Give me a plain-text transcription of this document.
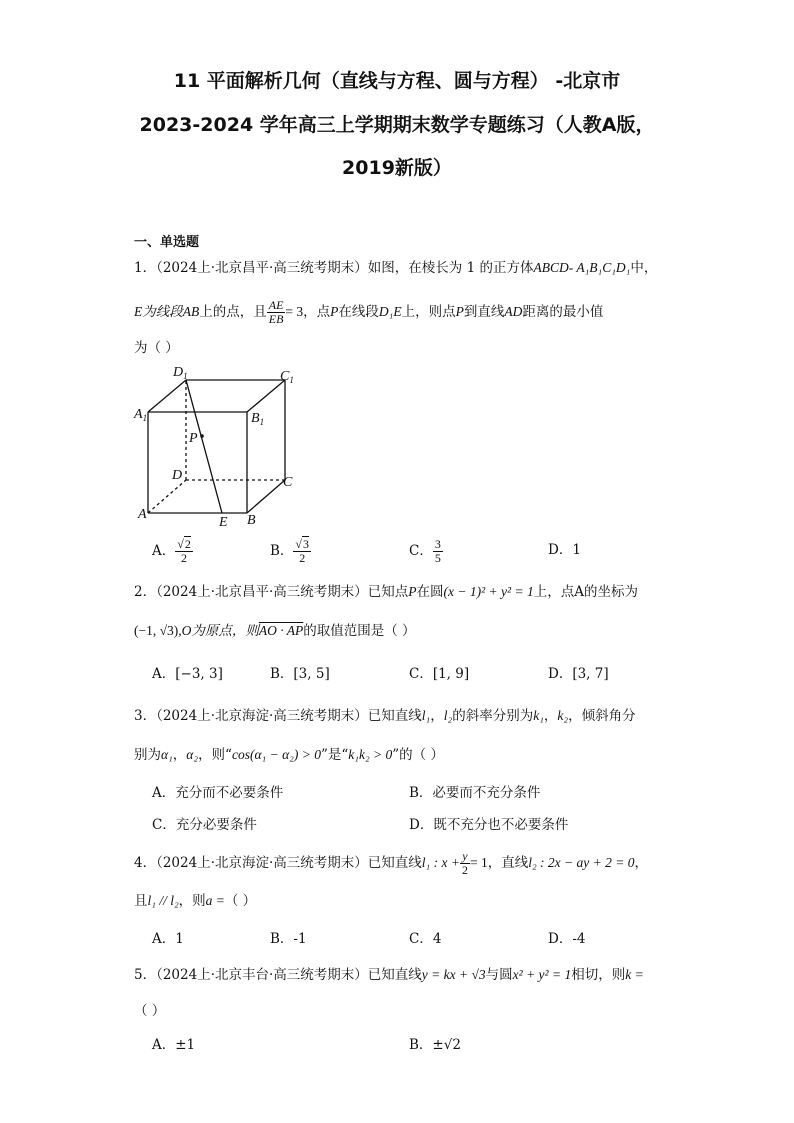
11 平面解析几何（直线与方程、圆与方程） -北京市
2023-2024 学年高三上学期期末数学专题练习（人教A版，
2019新版）
一、单选题
1．（2024上·北京昌平·高三统考期末）如图，在棱长为 1 的正方体ABCD- A₁B₁C₁D₁中，
E为线段AB上的点，且 $\frac{AE}{EB} = 3$，点P在线段D₁E上，则点P到直线AD距离的最小值
为（ ）
$D_1$	$C_1$
$A_1$	$B_1$
P
D	C
A
E B
A． $\frac{√2}{2}$	B． $\frac{√3}{2}$	C． $\frac{3}{5}$	D．1
2．（2024上·北京昌平·高三统考期末）已知点P在圆(x − 1)² + y² = 1上，点A的坐标为
(−1, √3),O为原点，则AO · AP的取值范围是（ ）
A．[−3, 3]	B．[3, 5]	C．[1, 9]	D．[3, 7]
3．（2024上·北京海淀·高三统考期末）已知直线l₁，l₂的斜率分别为k₁，k₂，倾斜角分
别为α₁，α₂，则“cos(α₁ − α₂) > 0”是“k₁k₂ > 0”的（ ）
A．充分而不必要条件	B．必要而不充分条件
C．充分必要条件	D．既不充分也不必要条件
4．（2024上·北京海淀·高三统考期末）已知直线l₁ : $x + \frac{y}{2} = 1$，直线l₂ : 2x − ay + 2 = 0，
且l₁ // l₂，则a =（ ）
A．1	B．-1	C．4	D．-4
5．（2024上·北京丰台·高三统考期末）已知直线y = kx + √3与圆x² + y² = 1相切，则k =
（ ）
A．±1	B．±√2
